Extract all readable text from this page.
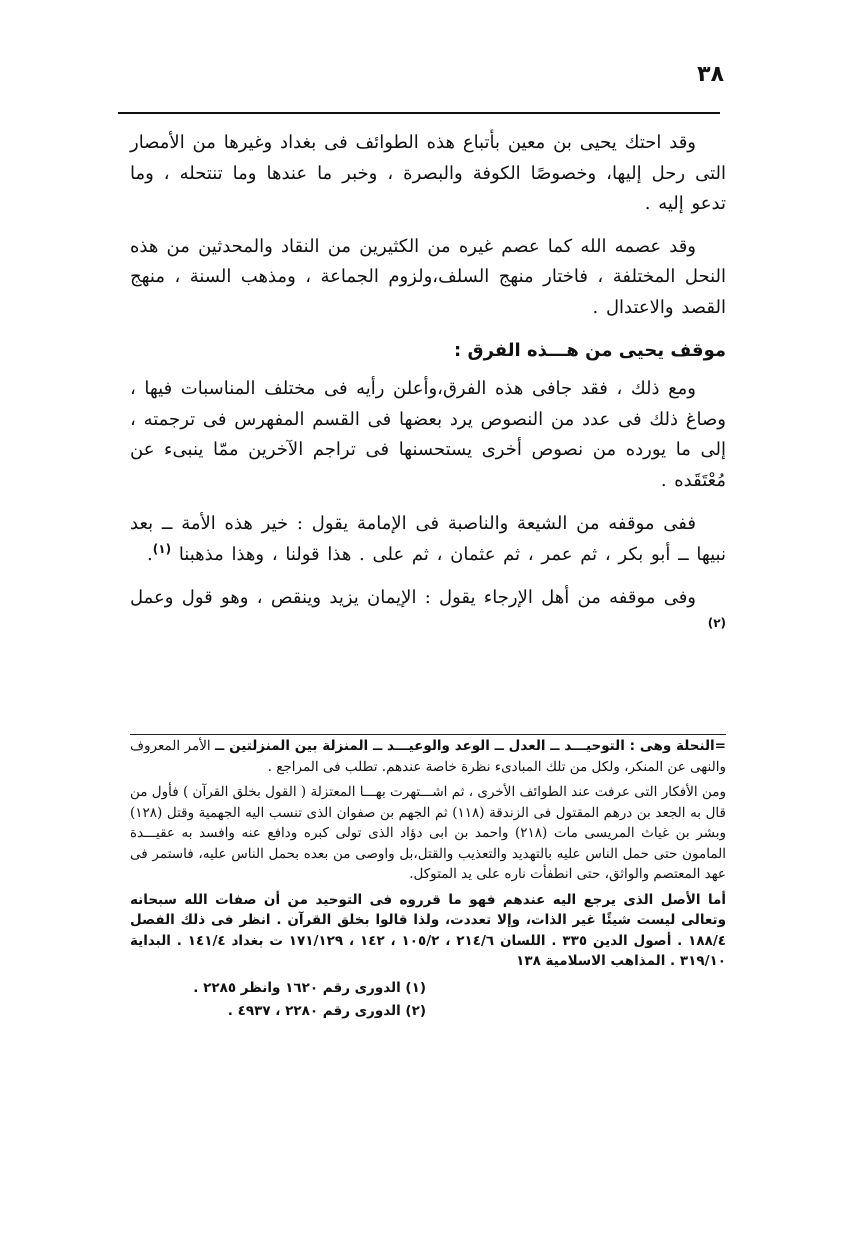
٣٨

وقد احتك يحيى بن معين بأتباع هذه الطوائف فى بغداد وغيرها من الأمصار التى رحل إليها، وخصوصًا الكوفة والبصرة ، وخبر ما عندها وما تنتحله ، وما تدعو إليه .

وقد عصمه الله كما عصم غيره من الكثيرين من النقاد والمحدثين من هذه النحل المختلفة ، فاختار منهج السلف،ولزوم الجماعة ، ومذهب السنة ، منهج القصد والاعتدال .

موقف يحيى من هـــذه الفرق :

ومع ذلك ، فقد جافى هذه الفرق،وأعلن رأيه فى مختلف المناسبات فيها ، وصاغ ذلك فى عدد من النصوص يرد بعضها فى القسم المفهرس فى ترجمته ، إلى ما يورده من نصوص أخرى يستحسنها فى تراجم الآخرين ممّا ينبىء عن مُعْتَقَده .

ففى موقفه من الشيعة والناصبة فى الإمامة يقول : خير هذه الأمة ــ بعد نبيها ــ أبو بكر ، ثم عمر ، ثم عثمان ، ثم على . هذا قولنا ، وهذا مذهبنا $^{(١)}$.

وفى موقفه من أهل الإرجاء يقول : الإيمان يزيد وينقص ، وهو قول وعمل $^{(٢)}$

=النحلة وهى : التوحيـــد ــ العدل ــ الوعد والوعيـــد ــ المنزلة بين المنزلتين ــ الأمر المعروف والنهى عن المنكر، ولكل من تلك المبادىء نظرة خاصة عندهم. تطلب فى المراجع .

ومن الأفكار التى عرفت عند الطوائف الأخرى ، ثم اشـــتهرت بهـــا المعتزلة ( القول بخلق القرآن ) فأول من قال به الجعد بن درهم المقتول فى الزندقة (١١٨) ثم الجهم بن صفوان الذى تنسب اليه الجهمية وقتل (١٢٨) وبشر بن غياث المريسى مات (٢١٨) واحمد بن ابى دؤاد الذى تولى كبره ودافع عنه وافسد به عقيـــدة المامون حتى حمل الناس عليه بالتهديد والتعذيب والقتل،بل واوصى من بعده بحمل الناس عليه، فاستمر فى عهد المعتصم والواثق، حتى انطفأت ناره على يد المتوكل.

أما الأصل الذى يرجع اليه عندهم فهو ما قرروه فى التوحيد من أن صفات الله سبحانه وتعالى ليست شيئًا غير الذات، وإلا تعددت، ولذا قالوا بخلق القرآن . انظر فى ذلك الفصل ١٨٨/٤ . أصول الدين ٣٣٥ . اللسان ٢١٤/٦ ، ١٠٥/٢ ، ١٤٢ ، ١٧١/١٢٩ ت بغداد ١٤١/٤ . البداية ٣١٩/١٠ . المذاهب الاسلامية ١٣٨

(١) الدورى رقم ١٦٢٠ وانظر ٢٢٨٥ .
(٢) الدورى رقم ٢٢٨٠ ، ٤٩٣٧ .
